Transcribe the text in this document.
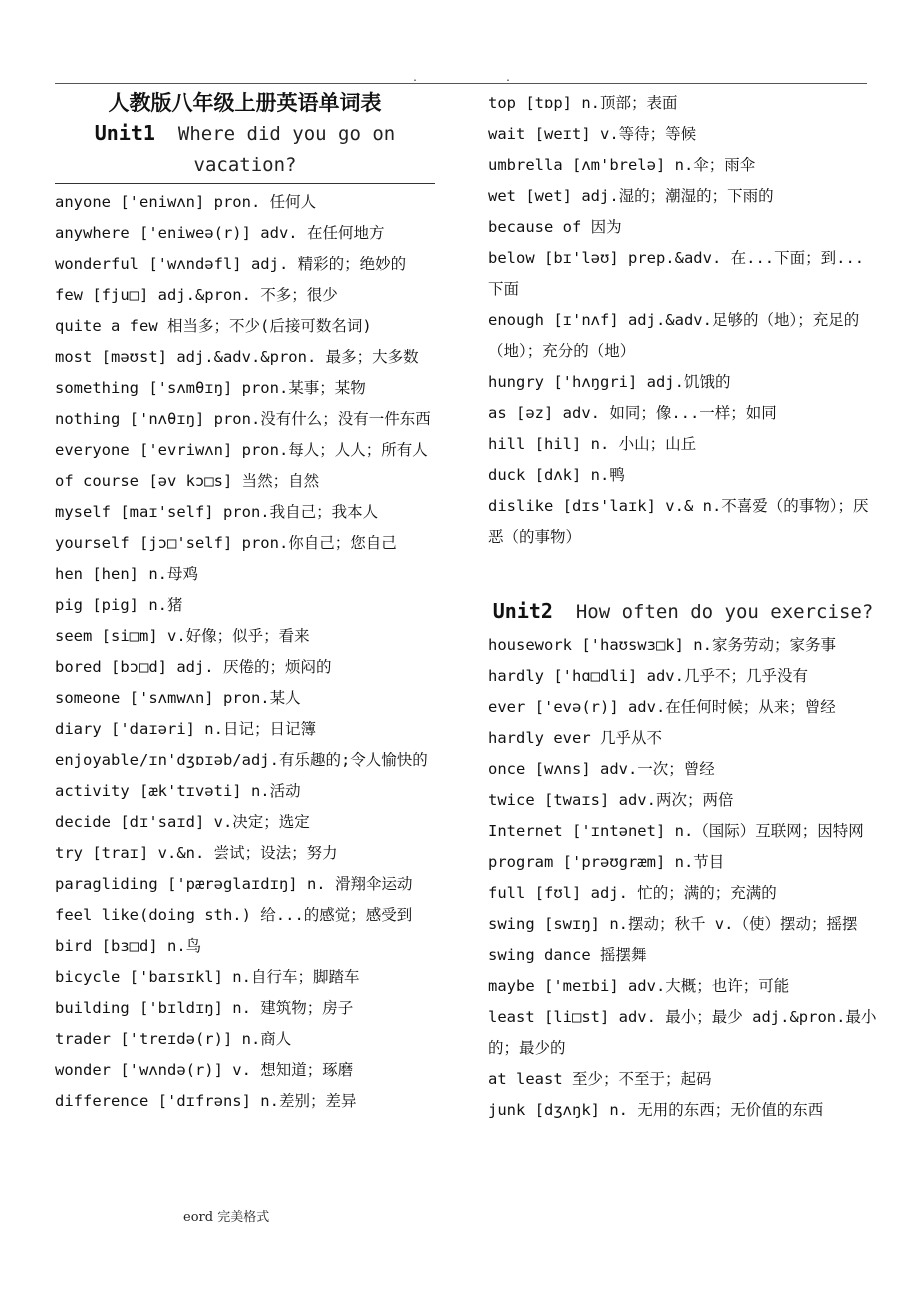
.	.
人教版八年级上册英语单词表
Unit1 Where did you go on vacation?

anyone ['eniwʌn] pron. 任何人

anywhere ['eniweə(r)] adv. 在任何地方

wonderful ['wʌndəfl] adj. 精彩的；绝妙的

few [fju□] adj.&pron. 不多；很少

quite a few 相当多；不少(后接可数名词)

most [məʊst] adj.&adv.&pron. 最多；大多数

something ['sʌmθɪŋ] pron.某事；某物

nothing ['nʌθɪŋ] pron.没有什么；没有一件东西

everyone ['evriwʌn] pron.每人；人人；所有人

of course [əv kɔ□s] 当然；自然

myself [maɪ'self] pron.我自己；我本人

yourself [jɔ□'self] pron.你自己；您自己

hen [hen] n.母鸡

pig [pig] n.猪

seem [si□m] v.好像；似乎；看来

bored [bɔ□d] adj. 厌倦的；烦闷的

someone ['sʌmwʌn] pron.某人

diary ['daɪəri] n.日记；日记簿

enjoyable/ɪn'dʒɒɪəb/adj.有乐趣的;令人愉快的

activity [æk'tɪvəti] n.活动

decide [dɪ'saɪd] v.决定；选定

try [traɪ] v.&n. 尝试；设法；努力

paragliding ['pærəglaɪdɪŋ] n. 滑翔伞运动

feel like(doing sth.) 给...的感觉；感受到

bird [bɜ□d] n.鸟

bicycle ['baɪsɪkl] n.自行车；脚踏车

building ['bɪldɪŋ] n. 建筑物；房子

trader ['treɪdə(r)] n.商人

wonder ['wʌndə(r)] v. 想知道；琢磨

difference ['dɪfrəns] n.差别；差异

top [tɒp] n.顶部；表面

wait [weɪt] v.等待；等候

umbrella [ʌm'brelə] n.伞；雨伞

wet [wet] adj.湿的；潮湿的；下雨的

because of 因为

below [bɪ'ləʊ] prep.&adv. 在...下面；到...下面

enough [ɪ'nʌf] adj.&adv.足够的（地）；充足的（地）；充分的（地）

hungry ['hʌŋgri] adj.饥饿的

as [əz] adv. 如同；像...一样；如同

hill [hil] n. 小山；山丘

duck [dʌk] n.鸭

dislike [dɪs'laɪk] v.& n.不喜爱（的事物）；厌恶（的事物）

Unit2 How often do you exercise?

housework ['haʊswɜ□k] n.家务劳动；家务事

hardly ['hɑ□dli] adv.几乎不；几乎没有

ever ['evə(r)] adv.在任何时候；从来；曾经

hardly ever 几乎从不

once [wʌns] adv.一次；曾经

twice [twaɪs] adv.两次；两倍

Internet ['ɪntənet] n.（国际）互联网；因特网

program ['prəʊgræm] n.节目

full [fʊl] adj. 忙的；满的；充满的

swing [swɪŋ] n.摆动；秋千 v.（使）摆动；摇摆

swing dance 摇摆舞

maybe ['meɪbi] adv.大概；也许；可能

least [li□st] adv. 最小；最少 adj.&pron.最小的；最少的

at least 至少；不至于；起码

junk [dʒʌŋk] n. 无用的东西；无价值的东西

eord 完美格式
